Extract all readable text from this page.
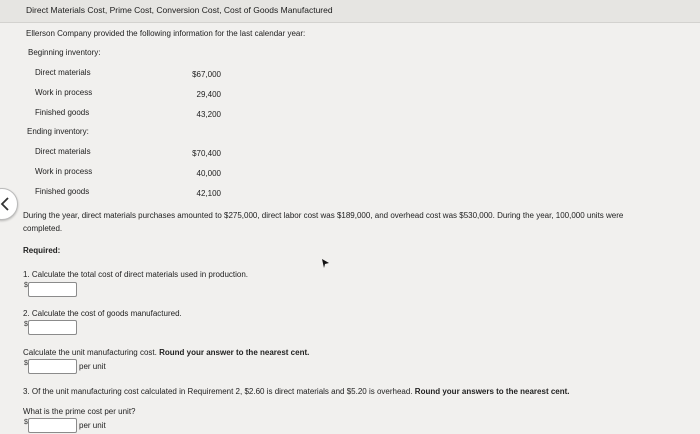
Direct Materials Cost, Prime Cost, Conversion Cost, Cost of Goods Manufactured
Ellerson Company provided the following information for the last calendar year:
Beginning inventory:
Direct materials	$67,000
Work in process	29,400
Finished goods	43,200
Ending inventory:
Direct materials	$70,400
Work in process	40,000
Finished goods	42,100
During the year, direct materials purchases amounted to $275,000, direct labor cost was $189,000, and overhead cost was $530,000. During the year, 100,000 units were
completed.
Required:
1. Calculate the total cost of direct materials used in production.
$
2. Calculate the cost of goods manufactured.
$
Calculate the unit manufacturing cost. Round your answer to the nearest cent.
$	per unit
3. Of the unit manufacturing cost calculated in Requirement 2, $2.60 is direct materials and $5.20 is overhead. Round your answers to the nearest cent.
What is the prime cost per unit?
$	per unit
